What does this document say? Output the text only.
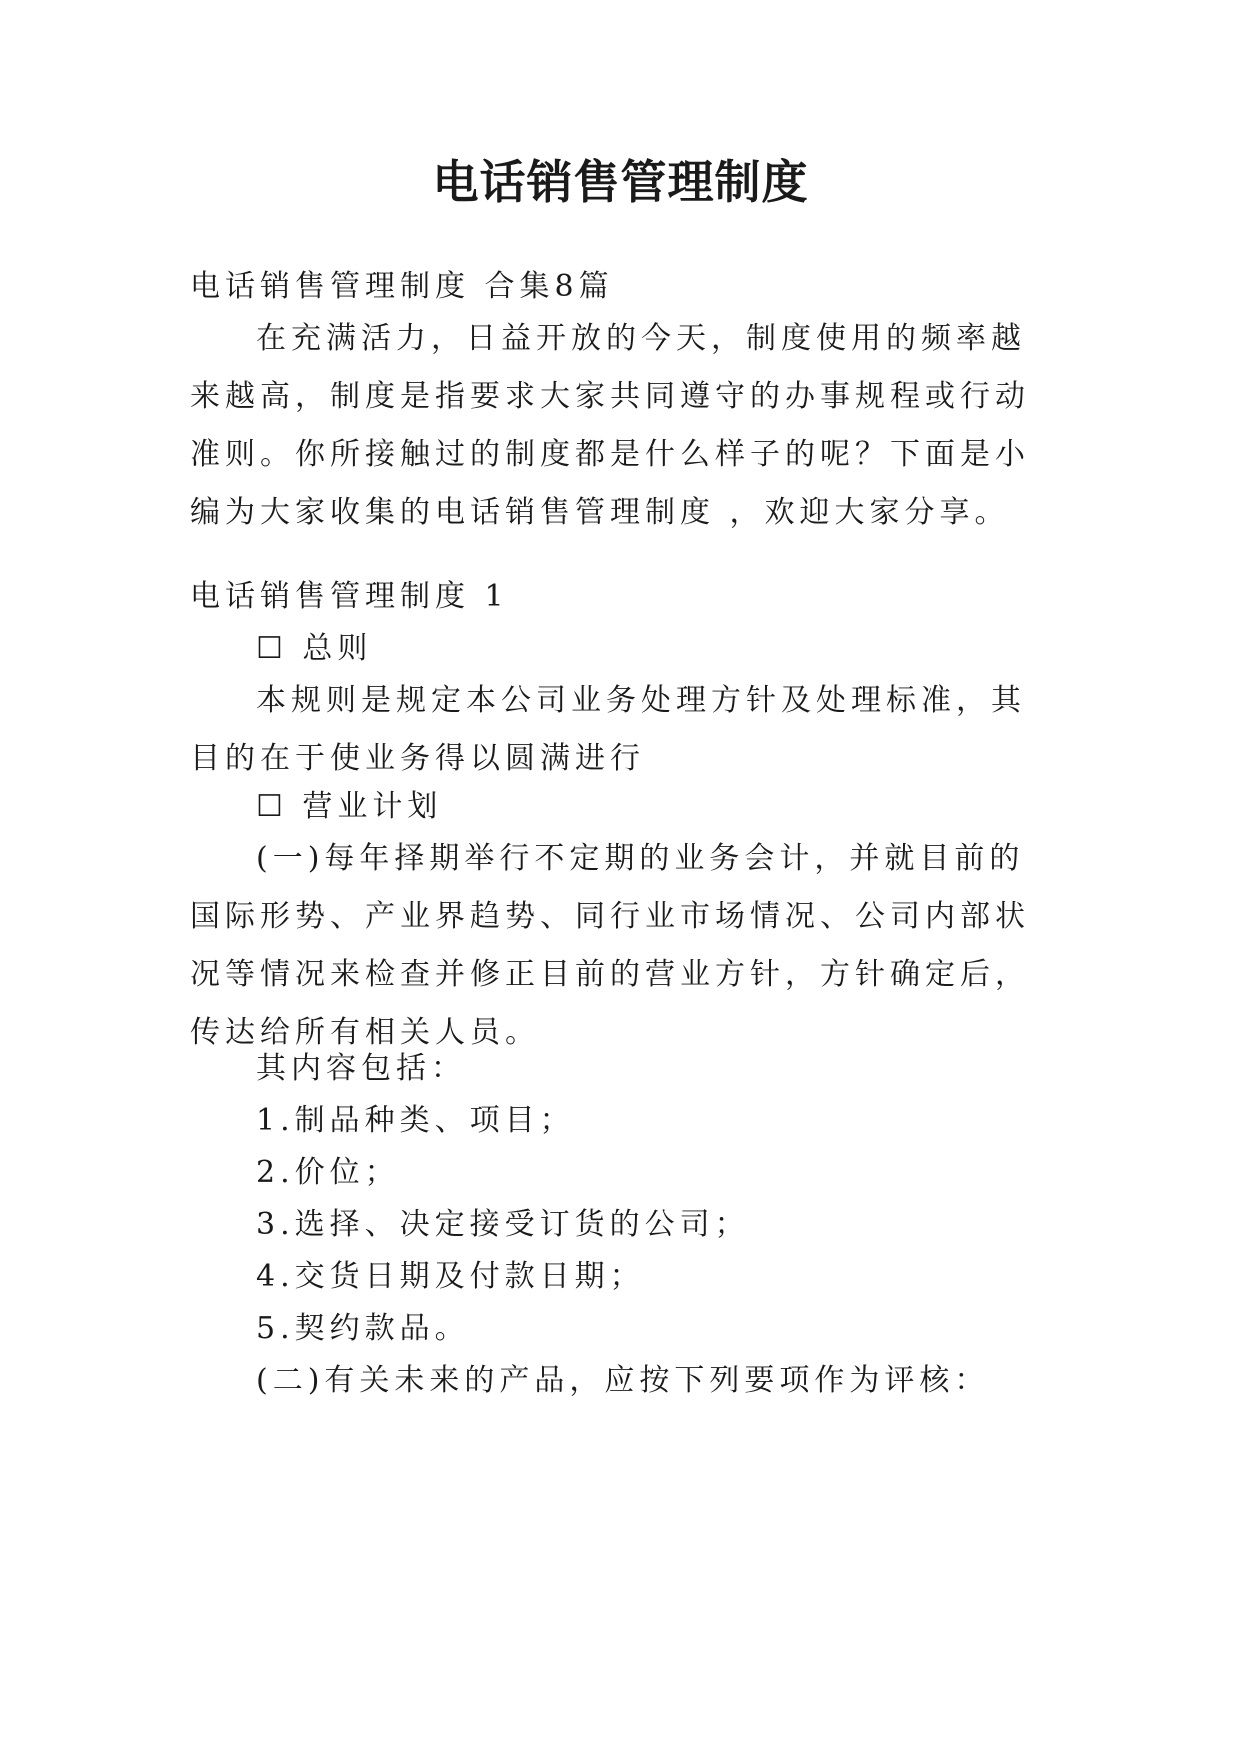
电话销售管理制度
电话销售管理制度 合集8篇

在充满活力，日益开放的今天，制度使用的频率越来越高，制度是指要求大家共同遵守的办事规程或行动准则。你所接触过的制度都是什么样子的呢？下面是小编为大家收集的电话销售管理制度 ，欢迎大家分享。

电话销售管理制度 1
☐ 总则

本规则是规定本公司业务处理方针及处理标准，其目的在于使业务得以圆满进行

☐ 营业计划

(一)每年择期举行不定期的业务会计，并就目前的国际形势、产业界趋势、同行业市场情况、公司内部状况等情况来检查并修正目前的营业方针，方针确定后，传达给所有相关人员。

其内容包括：
1.制品种类、项目；
2.价位；
3.选择、决定接受订货的公司；
4.交货日期及付款日期；
5.契约款品。
(二)有关未来的产品，应按下列要项作为评核：
